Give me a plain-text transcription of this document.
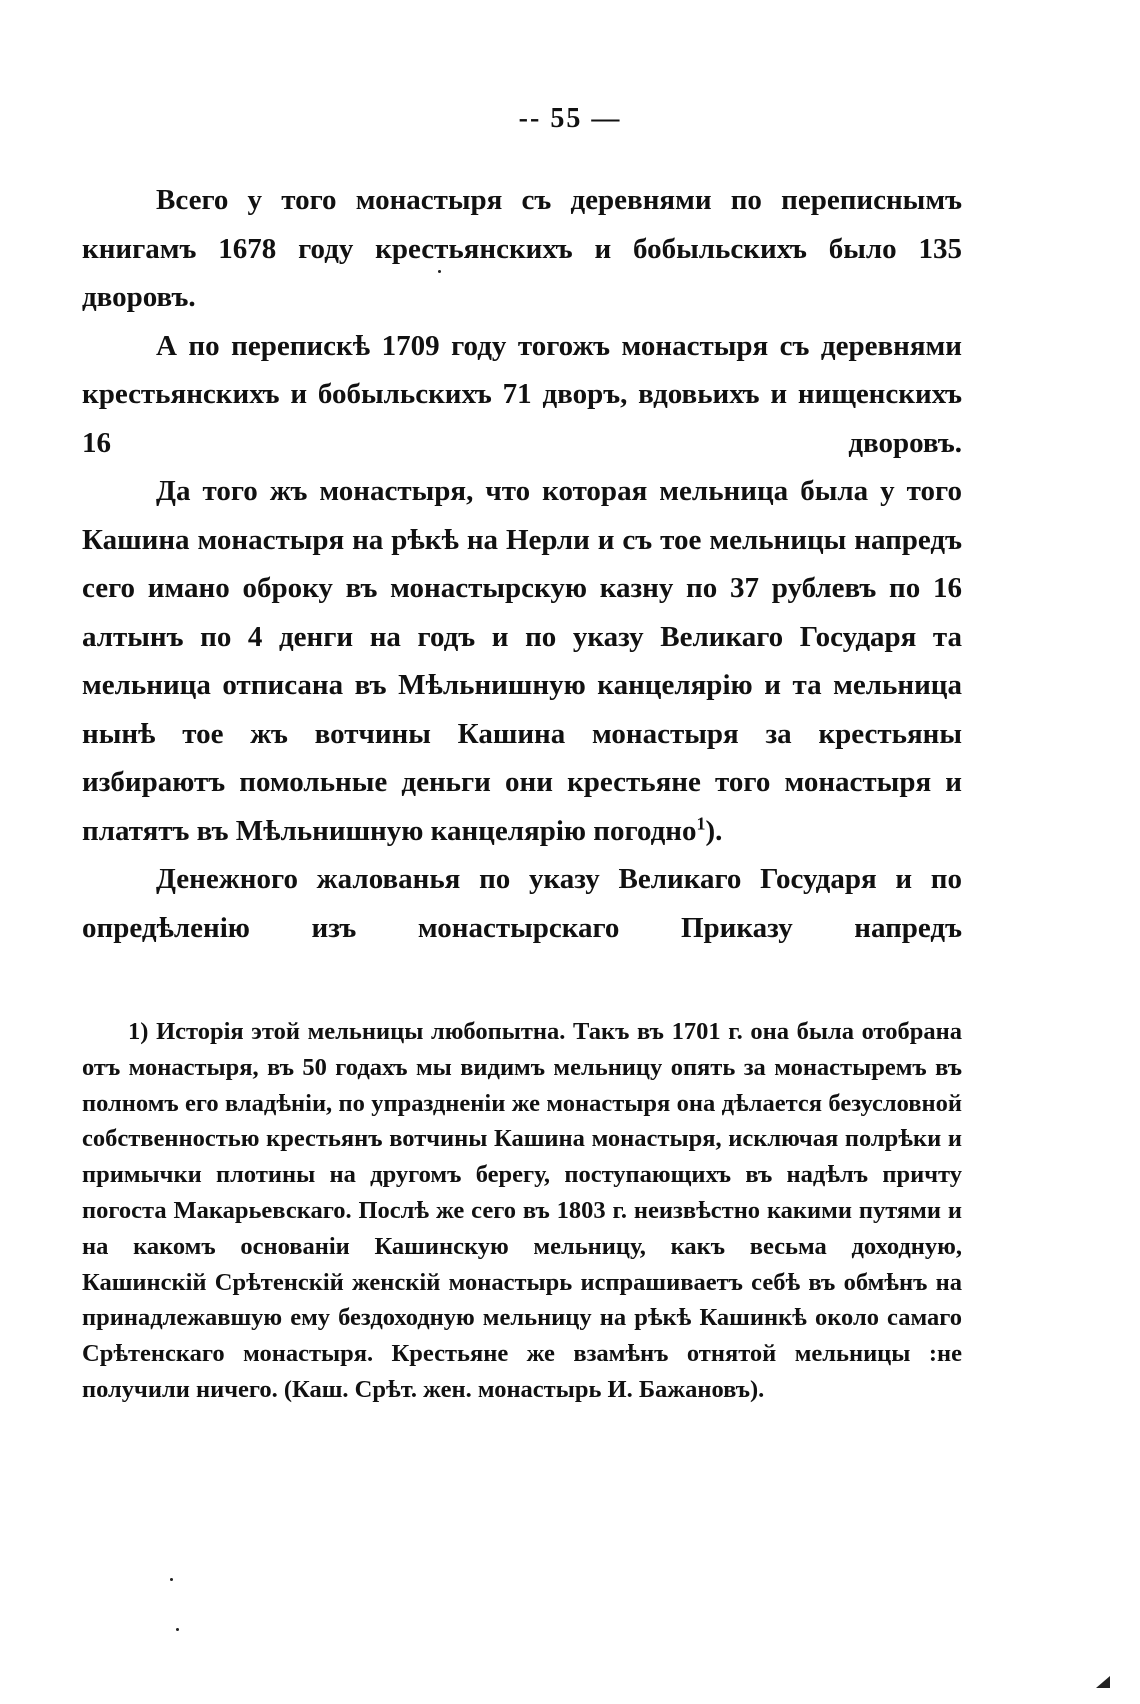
-- 55 —

Всего у того монастыря съ деревнями по переписнымъ книгамъ 1678 году крестьянскихъ и бобыльскихъ было 135 дворовъ.

А по перепискѣ 1709 году тогожъ монастыря съ деревнями крестьянскихъ и бобыльскихъ 71 дворъ, вдовьихъ и нищенскихъ 16 дворовъ.

Да того жъ монастыря, что которая мельница была у того Кашина монастыря на рѣкѣ на Нерли и съ тое мельницы напредъ сего имано оброку въ монастырскую казну по 37 рублевъ по 16 алтынъ по 4 денги на годъ и по указу Великаго Государя та мельница отписана въ Мѣльнишную канцелярію и та мельница нынѣ тое жъ вотчины Кашина монастыря за крестьяны избираютъ помольные деньги они крестьяне того монастыря и платятъ въ Мѣльнишную канцелярію погодно$^1$).

Денежного жалованья по указу Великаго Государя и по опредѣленію изъ монастырскаго Приказу напредъ

1) Исторія этой мельницы любопытна. Такъ въ 1701 г. она была отобрана отъ монастыря, въ 50 годахъ мы видимъ мельницу опять за монастыремъ въ полномъ его владѣніи, по упраздненіи же монастыря она дѣлается безусловной собственностью крестьянъ вотчины Кашина монастыря, исключая полрѣки и примычки плотины на другомъ берегу, поступающихъ въ надѣлъ причту погоста Макарьевскаго. Послѣ же сего въ 1803 г. неизвѣстно какими путями и на какомъ основаніи Кашинскую мельницу, какъ весьма доходную, Кашинскій Срѣтенскій женскій монастырь испрашиваетъ себѣ въ обмѣнъ на принадлежавшую ему бездоходную мельницу на рѣкѣ Кашинкѣ около самаго Срѣтенскаго монастыря. Крестьяне же взамѣнъ отнятой мельницы :не получили ничего. (Каш. Срѣт. жен. монастырь И. Бажановъ).
